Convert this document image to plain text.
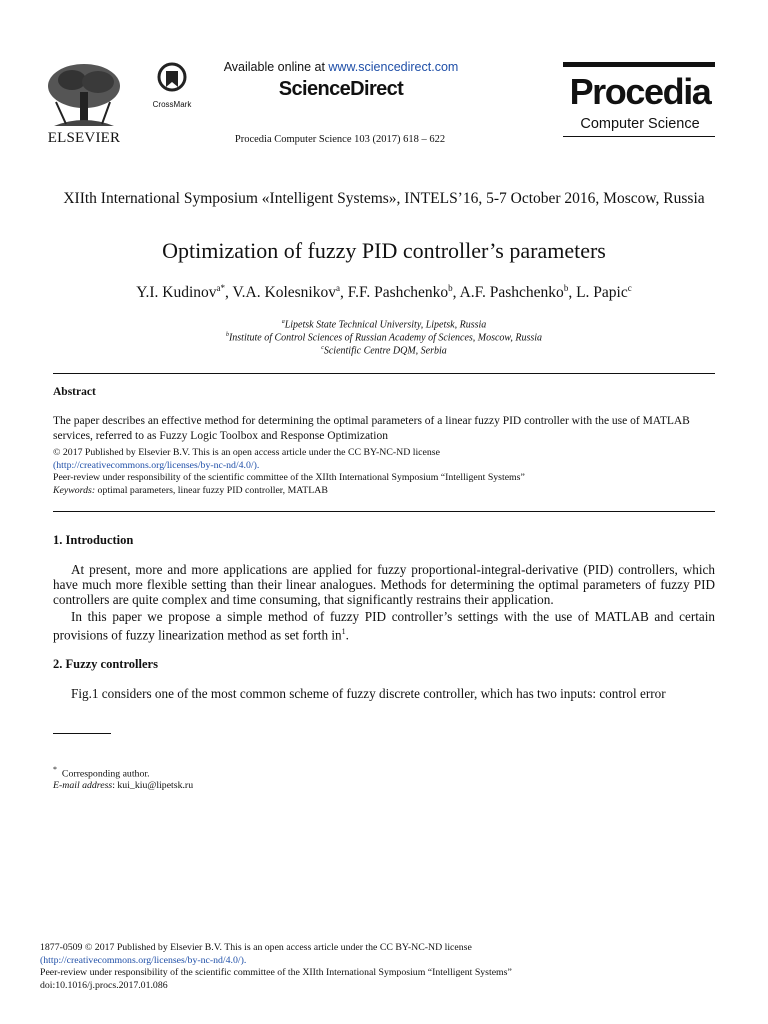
ELSEVIER
CrossMark
Available online at www.sciencedirect.com
ScienceDirect
Procedia Computer Science 103 (2017) 618 – 622
Procedia
Computer Science
XIIth International Symposium «Intelligent Systems», INTELS’16, 5-7 October 2016, Moscow, Russia
Optimization of fuzzy PID controller’s parameters
Y.I. Kudinov$^{a*}$, V.A. Kolesnikov$^a$, F.F. Pashchenko$^b$, A.F. Pashchenko$^b$, L. Papic$^c$
$^a$Lipetsk State Technical University, Lipetsk, Russia
$^b$Institute of Control Sciences of Russian Academy of Sciences, Moscow, Russia
$^c$Scientific Centre DQM, Serbia
Abstract
The paper describes an effective method for determining the optimal parameters of a linear fuzzy PID controller with the use of MATLAB services, referred to as Fuzzy Logic Toolbox and Response Optimization
© 2017 Published by Elsevier B.V. This is an open access article under the CC BY-NC-ND license
(http://creativecommons.org/licenses/by-nc-nd/4.0/).
Peer-review under responsibility of the scientific committee of the XIIth International Symposium “Intelligent Systems”
Keywords: optimal parameters, linear fuzzy PID controller, MATLAB
1. Introduction
At present, more and more applications are applied for fuzzy proportional-integral-derivative (PID) controllers, which have much more flexible setting than their linear analogues. Methods for determining the optimal parameters of fuzzy PID controllers are quite complex and time consuming, that significantly restrains their application.
In this paper we propose a simple method of fuzzy PID controller’s settings with the use of MATLAB and certain provisions of fuzzy linearization method as set forth $in^1$.
2. Fuzzy controllers
Fig.1 considers one of the most common scheme of fuzzy discrete controller, which has two inputs: control error
* Corresponding author.
E-mail address: kui_kiu@lipetsk.ru
1877-0509 © 2017 Published by Elsevier B.V. This is an open access article under the CC BY-NC-ND license
(http://creativecommons.org/licenses/by-nc-nd/4.0/).
Peer-review under responsibility of the scientific committee of the XIIth International Symposium “Intelligent Systems”
doi:10.1016/j.procs.2017.01.086
